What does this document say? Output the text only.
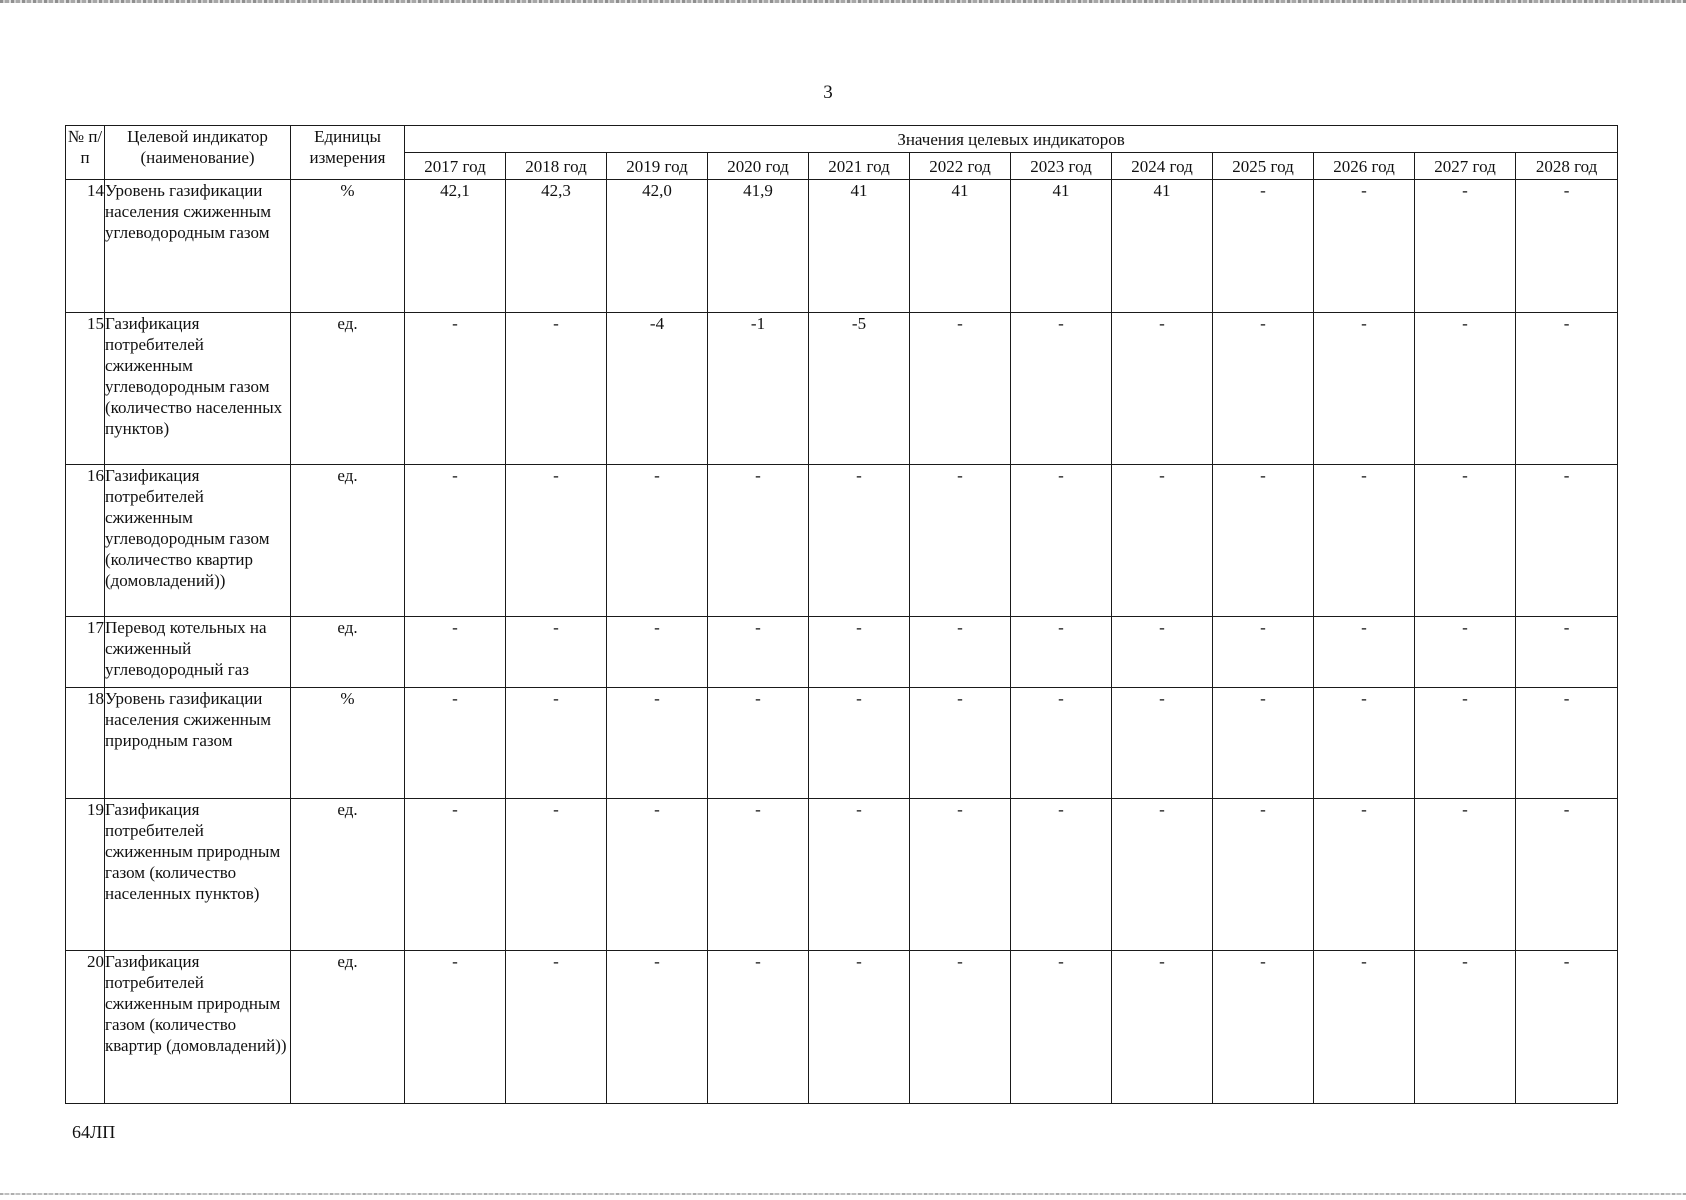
3
№ п/п	Целевой индикатор (наименование)	Единицы измерения	Значения целевых индикаторов											
			2017 год	2018 год	2019 год	2020 год	2021 год	2022 год	2023 год	2024 год	2025 год	2026 год	2027 год	2028 год
14	Уровень газификации населения сжиженным углеводородным газом	%	42,1	42,3	42,0	41,9	41	41	41	41	-	-	-	-
15	Газификация потребителей сжиженным углеводородным газом (количество населенных пунктов)	ед.	-	-	-4	-1	-5	-	-	-	-	-	-	-
16	Газификация потребителей сжиженным углеводородным газом (количество квартир (домовладений))	ед.	-	-	-	-	-	-	-	-	-	-	-	-
17	Перевод котельных на сжиженный углеводородный газ	ед.	-	-	-	-	-	-	-	-	-	-	-	-
18	Уровень газификации населения сжиженным природным газом	%	-	-	-	-	-	-	-	-	-	-	-	-
19	Газификация потребителей сжиженным природным газом (количество населенных пунктов)	ед.	-	-	-	-	-	-	-	-	-	-	-	-
20	Газификация потребителей сжиженным природным газом (количество квартир (домовладений))	ед.	-	-	-	-	-	-	-	-	-	-	-	-
64ЛП
